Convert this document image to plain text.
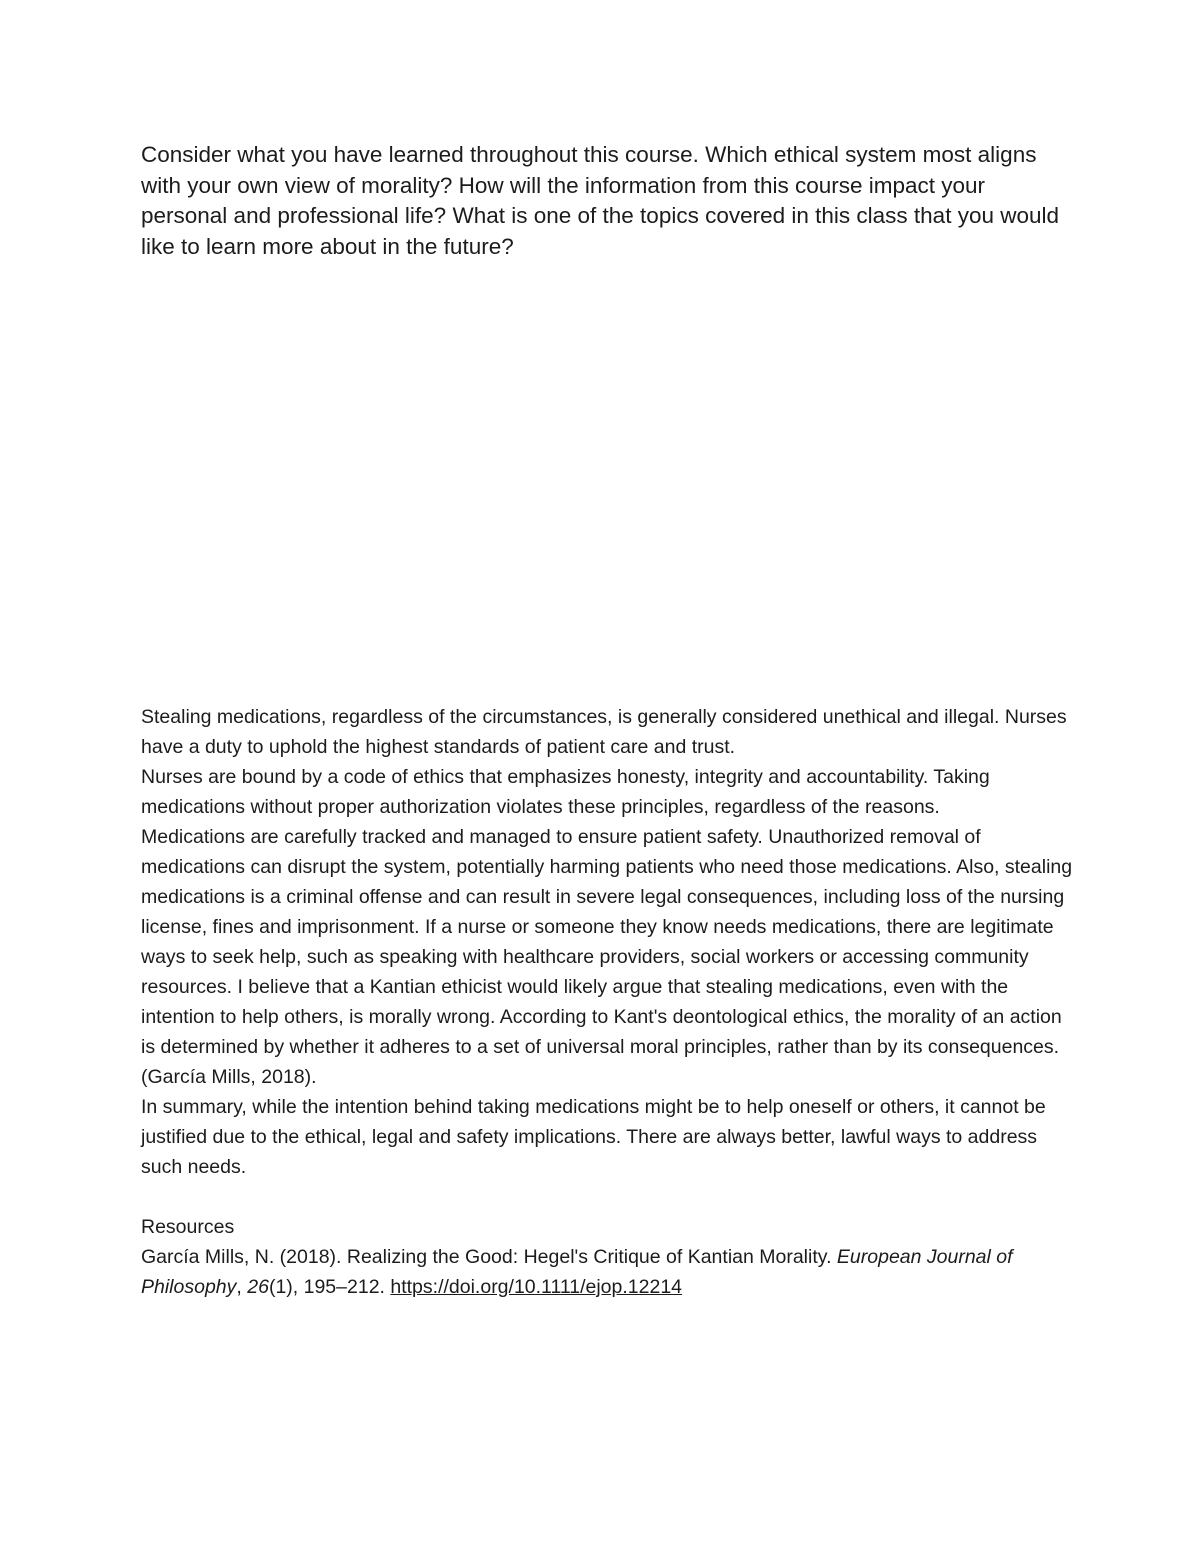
Consider what you have learned throughout this course. Which ethical system most aligns with your own view of morality? How will the information from this course impact your personal and professional life? What is one of the topics covered in this class that you would like to learn more about in the future?

Stealing medications, regardless of the circumstances, is generally considered unethical and illegal. Nurses have a duty to uphold the highest standards of patient care and trust.

Nurses are bound by a code of ethics that emphasizes honesty, integrity and accountability. Taking medications without proper authorization violates these principles, regardless of the reasons.

Medications are carefully tracked and managed to ensure patient safety. Unauthorized removal of medications can disrupt the system, potentially harming patients who need those medications. Also, stealing medications is a criminal offense and can result in severe legal consequences, including loss of the nursing license, fines and imprisonment. If a nurse or someone they know needs medications, there are legitimate ways to seek help, such as speaking with healthcare providers, social workers or accessing community resources. I believe that a Kantian ethicist would likely argue that stealing medications, even with the intention to help others, is morally wrong. According to Kant's deontological ethics, the morality of an action is determined by whether it adheres to a set of universal moral principles, rather than by its consequences. (García Mills, 2018).

In summary, while the intention behind taking medications might be to help oneself or others, it cannot be justified due to the ethical, legal and safety implications. There are always better, lawful ways to address such needs.

Resources

García Mills, N. (2018). Realizing the Good: Hegel's Critique of Kantian Morality. European Journal of Philosophy, 26(1), 195–212. https://doi.org/10.1111/ejop.12214
